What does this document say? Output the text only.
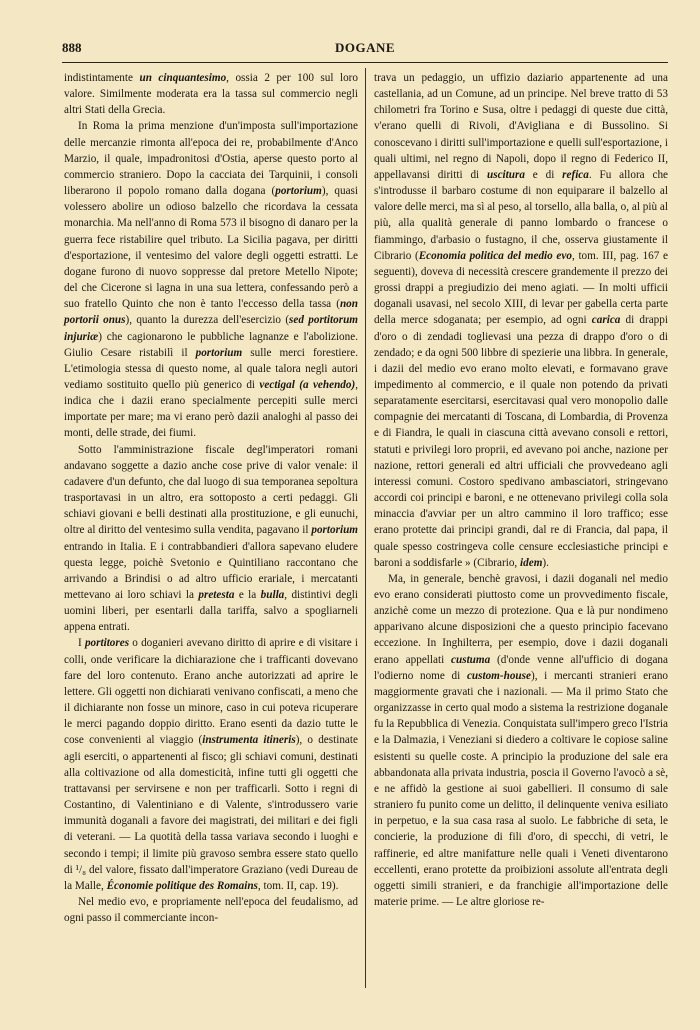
888	DOGANE

indistintamente un cinquantesimo, ossia 2 per 100 sul loro valore. Similmente moderata era la tassa sul commercio negli altri Stati della Grecia.

In Roma la prima menzione d'un'imposta sull'importazione delle mercanzie rimonta all'epoca dei re, probabilmente d'Anco Marzio, il quale, impadronitosi d'Ostia, aperse questo porto al commercio straniero. Dopo la cacciata dei Tarquinii, i consoli liberarono il popolo romano dalla dogana (portorium), quasi volessero abolire un odioso balzello che ricordava la cessata monarchia. Ma nell'anno di Roma 573 il bisogno di danaro per la guerra fece ristabilire quel tributo. La Sicilia pagava, per diritti d'esportazione, il ventesimo del valore degli oggetti estratti. Le dogane furono di nuovo soppresse dal pretore Metello Nipote; del che Cicerone si lagna in una sua lettera, confessando però a suo fratello Quinto che non è tanto l'eccesso della tassa (non portorii onus), quanto la durezza dell'esercizio (sed portitorum injuriæ) che cagionarono le pubbliche lagnanze e l'abolizione. Giulio Cesare ristabilì il portorium sulle merci forestiere. L'etimologia stessa di questo nome, al quale talora negli autori vediamo sostituito quello più generico di vectigal (a vehendo), indica che i dazii erano specialmente percepiti sulle merci importate per mare; ma vi erano però dazii analoghi al passo dei monti, delle strade, dei fiumi.

Sotto l'amministrazione fiscale degl'imperatori romani andavano soggette a dazio anche cose prive di valor venale: il cadavere d'un defunto, che dal luogo di sua temporanea sepoltura trasportavasi in un altro, era sottoposto a certi pedaggi. Gli schiavi giovani e belli destinati alla prostituzione, e gli eunuchi, oltre al diritto del ventesimo sulla vendita, pagavano il portorium entrando in Italia. E i contrabbandieri d'allora sapevano eludere questa legge, poichè Svetonio e Quintiliano raccontano che arrivando a Brindisi o ad altro ufficio erariale, i mercatanti mettevano ai loro schiavi la pretesta e la bulla, distintivi degli uomini liberi, per esentarli dalla tariffa, salvo a spogliarneli appena entrati.

I portitores o doganieri avevano diritto di aprire e di visitare i colli, onde verificare la dichiarazione che i trafficanti dovevano fare del loro contenuto. Erano anche autorizzati ad aprire le lettere. Gli oggetti non dichiarati venivano confiscati, a meno che il dichiarante non fosse un minore, caso in cui poteva ricuperare le merci pagando doppio diritto. Erano esenti da dazio tutte le cose convenienti al viaggio (instrumenta itineris), o destinate agli eserciti, o appartenenti al fisco; gli schiavi comuni, destinati alla coltivazione od alla domesticità, infine tutti gli oggetti che trattavansi per servirsene e non per trafficarli. Sotto i regni di Costantino, di Valentiniano e di Valente, s'introdussero varie immunità doganali a favore dei magistrati, dei militari e dei figli di veterani. — La quotità della tassa variava secondo i luoghi e secondo i tempi; il limite più gravoso sembra essere stato quello di ¹/₈ del valore, fissato dall'imperatore Graziano (vedi Dureau de la Malle, Économie politique des Romains, tom. II, cap. 19).

Nel medio evo, e propriamente nell'epoca del feudalismo, ad ogni passo il commerciante incon-

trava un pedaggio, un uffizio daziario appartenente ad una castellania, ad un Comune, ad un principe. Nel breve tratto di 53 chilometri fra Torino e Susa, oltre i pedaggi di queste due città, v'erano quelli di Rivoli, d'Avigliana e di Bussolino. Si conoscevano i diritti sull'importazione e quelli sull'esportazione, i quali ultimi, nel regno di Napoli, dopo il regno di Federico II, appellavansi diritti di uscitura e di refica. Fu allora che s'introdusse il barbaro costume di non equiparare il balzello al valore delle merci, ma sì al peso, al torsello, alla balla, o, al più al più, alla qualità generale di panno lombardo o francese o fiammingo, d'arbasio o fustagno, il che, osserva giustamente il Cibrario (Economia politica del medio evo, tom. III, pag. 167 e seguenti), doveva di necessità crescere grandemente il prezzo dei grossi drappi a pregiudizio dei meno agiati. — In molti ufficii doganali usavasi, nel secolo XIII, di levar per gabella certa parte della merce sdoganata; per esempio, ad ogni carica di drappi d'oro o di zendadi toglievasi una pezza di drappo d'oro o di zendado; e da ogni 500 libbre di spezierie una libbra. In generale, i dazii del medio evo erano molto elevati, e formavano grave impedimento al commercio, e il quale non potendo da privati separatamente esercitarsi, esercitavasi qual vero monopolio dalle compagnie dei mercatanti di Toscana, di Lombardia, di Provenza e di Fiandra, le quali in ciascuna città avevano consoli e rettori, statuti e privilegi loro proprii, ed avevano poi anche, nazione per nazione, rettori generali ed altri ufficiali che provvedeano agli interessi comuni. Costoro spedivano ambasciatori, stringevano accordi coi principi e baroni, e ne ottenevano privilegi colla sola minaccia d'avviar per un altro cammino il loro traffico; esse erano protette dai principi grandi, dal re di Francia, dal papa, il quale spesso costringeva colle censure ecclesiastiche principi e baroni a soddisfarle » (Cibrario, idem).

Ma, in generale, benchè gravosi, i dazii doganali nel medio evo erano considerati piuttosto come un provvedimento fiscale, anzichè come un mezzo di protezione. Qua e là pur nondimeno apparivano alcune disposizioni che a questo principio facevano eccezione. In Inghilterra, per esempio, dove i dazii doganali erano appellati custuma (d'onde venne all'ufficio di dogana l'odierno nome di custom-house), i mercanti stranieri erano maggiormente gravati che i nazionali. — Ma il primo Stato che organizzasse in certo qual modo a sistema la restrizione doganale fu la Repubblica di Venezia. Conquistata sull'impero greco l'Istria e la Dalmazia, i Veneziani si diedero a coltivare le copiose saline esistenti su quelle coste. A principio la produzione del sale era abbandonata alla privata industria, poscia il Governo l'avocò a sè, e ne affidò la gestione ai suoi gabellieri. Il consumo di sale straniero fu punito come un delitto, il delinquente veniva esiliato in perpetuo, e la sua casa rasa al suolo. Le fabbriche di seta, le concierie, la produzione di fili d'oro, di specchi, di vetri, le raffinerie, ed altre manifatture nelle quali i Veneti diventarono eccellenti, erano protette da proibizioni assolute all'entrata degli oggetti simili stranieri, e da franchigie all'importazione delle materie prime. — Le altre gloriose re-
